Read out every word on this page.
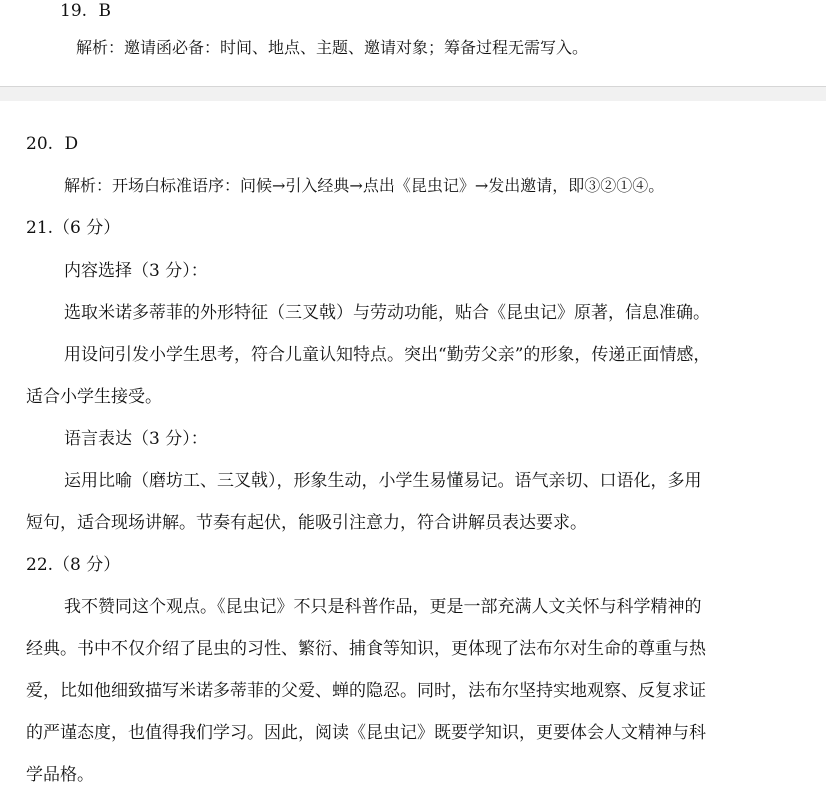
19. B
解析：邀请函必备：时间、地点、主题、邀请对象；筹备过程无需写入。
20. D
解析：开场白标准语序：问候→引入经典→点出《昆虫记》→发出邀请，即③②①④。
21.（6 分）
内容选择（3 分）：
选取米诺多蒂菲的外形特征（三叉戟）与劳动功能，贴合《昆虫记》原著，信息准确。
用设问引发小学生思考，符合儿童认知特点。突出“勤劳父亲”的形象，传递正面情感，
适合小学生接受。
语言表达（3 分）：
运用比喻（磨坊工、三叉戟），形象生动，小学生易懂易记。语气亲切、口语化，多用
短句，适合现场讲解。节奏有起伏，能吸引注意力，符合讲解员表达要求。
22.（8 分）
我不赞同这个观点。《昆虫记》不只是科普作品，更是一部充满人文关怀与科学精神的
经典。书中不仅介绍了昆虫的习性、繁衍、捕食等知识，更体现了法布尔对生命的尊重与热
爱，比如他细致描写米诺多蒂菲的父爱、蝉的隐忍。同时，法布尔坚持实地观察、反复求证
的严谨态度，也值得我们学习。因此，阅读《昆虫记》既要学知识，更要体会人文精神与科
学品格。
